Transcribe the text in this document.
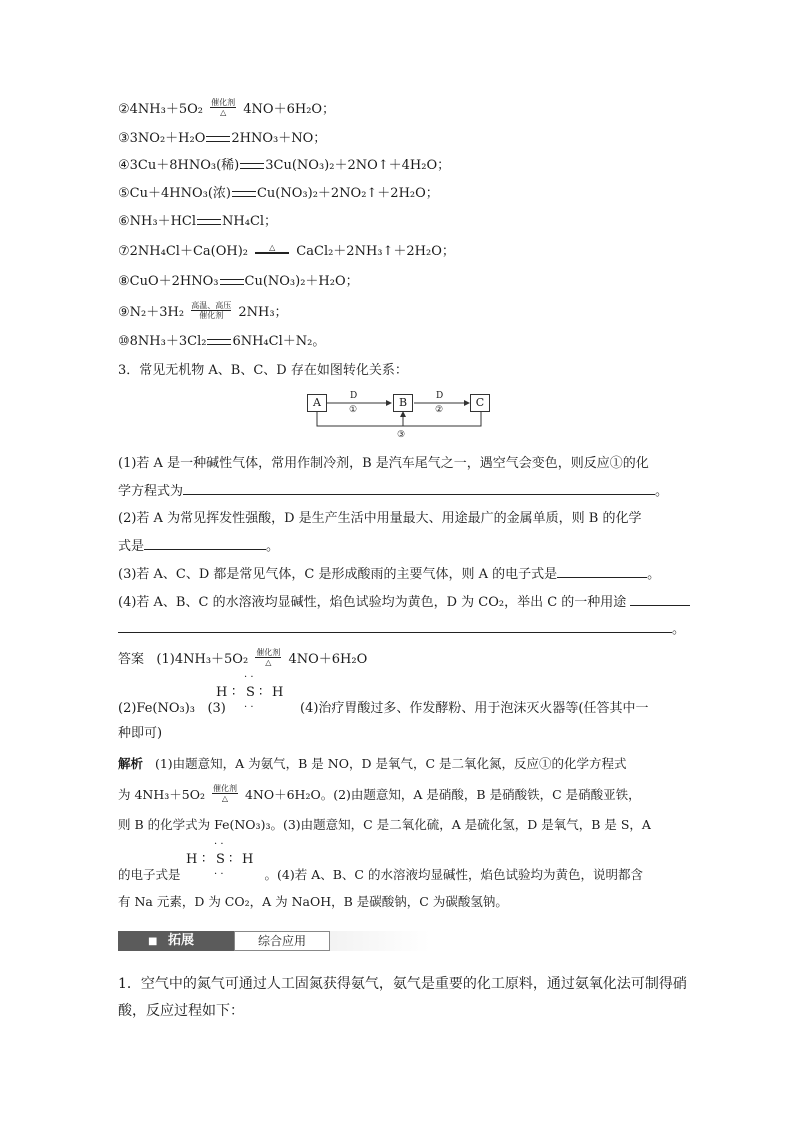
②4NH₃＋5O₂ 催化剂
△ 4NO＋6H₂O；
③3NO₂＋H₂O 2HNO₃＋NO；
④3Cu＋8HNO₃(稀) 3Cu(NO₃)₂＋2NO↑＋4H₂O；
⑤Cu＋4HNO₃(浓) Cu(NO₃)₂＋2NO₂↑＋2H₂O；
⑥NH₃＋HCl NH₄Cl；
⑦2NH₄Cl＋Ca(OH)₂	△ CaCl₂＋2NH₃↑＋2H₂O；
⑧CuO＋2HNO₃ Cu(NO₃)₂＋H₂O；
⑨N₂＋3H₂ 高温、高压
催化剂 2NH₃；
⑩8NH₃＋3Cl₂ 6NH₄Cl＋N₂。
3．常见无机物 A、B、C、D 存在如图转化关系：
A	B	C
D
①
D
②
③
(1)若 A 是一种碱性气体，常用作制冷剂，B 是汽车尾气之一，遇空气会变色，则反应①的化
学方程式为	。
(2)若 A 为常见挥发性强酸，D 是生产生活中用量最大、用途最广的金属单质，则 B 的化学
式是	。
(3)若 A、C、D 都是常见气体，C 是形成酸雨的主要气体，则 A 的电子式是	。
(4)若 A、B、C 的水溶液均显碱性，焰色试验均为黄色，D 为 CO₂，举出 C 的一种用途
。
答案 (1)4NH₃＋5O₂ 催化剂
△ 4NO＋6H₂O
· ·
H ∶ S ∶ H
· ·
(2)Fe(NO₃)₃ (3)	(4)治疗胃酸过多、作发酵粉、用于泡沫灭火器等(任答其中一
种即可)
解析 (1)由题意知，A 为氨气，B 是 NO，D 是氧气，C 是二氧化氮，反应①的化学方程式
为 4NH₃＋5O₂ 催化剂
△ 4NO＋6H₂O。(2)由题意知，A 是硝酸，B 是硝酸铁，C 是硝酸亚铁，
则 B 的化学式为 Fe(NO₃)₃。(3)由题意知，C 是二氧化硫，A 是硫化氢，D 是氧气，B 是 S，A
· ·
H ∶ S ∶ H
· ·
的电子式是	。(4)若 A、B、C 的水溶液均显碱性，焰色试验均为黄色，说明都含
有 Na 元素，D 为 CO₂，A 为 NaOH，B 是碳酸钠，C 为碳酸氢钠。
■ 拓展	综合应用
1．空气中的氮气可通过人工固氮获得氨气，氨气是重要的化工原料，通过氨氧化法可制得硝
酸，反应过程如下：
